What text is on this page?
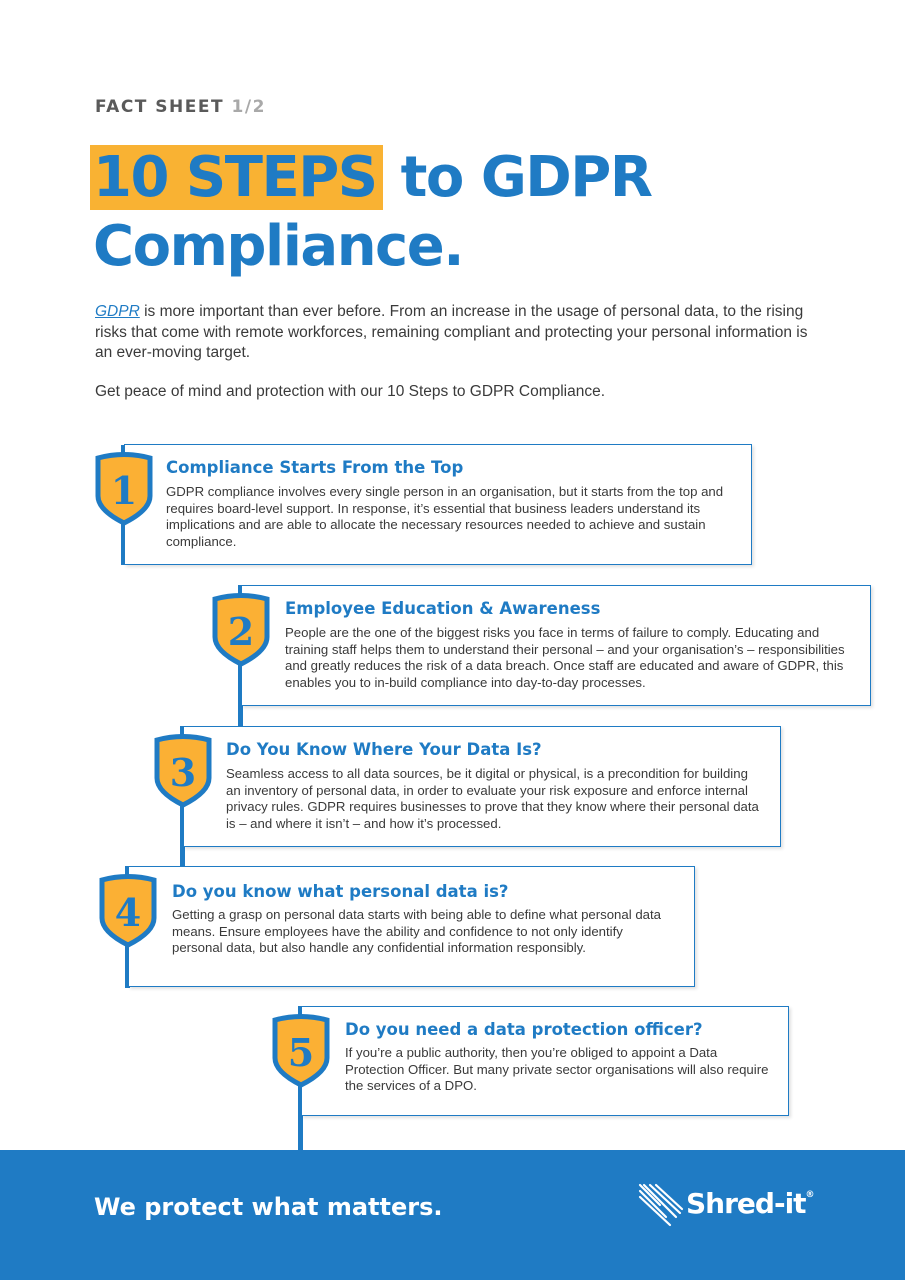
FACT SHEET 1/2
10 STEPS to GDPR
Compliance.

GDPR is more important than ever before. From an increase in the usage of personal data, to the rising risks that come with remote workforces, remaining compliant and protecting your personal information is an ever-moving target.

Get peace of mind and protection with our 10 Steps to GDPR Compliance.

1
Compliance Starts From the Top

GDPR compliance involves every single person in an organisation, but it starts from the top and requires board-level support. In response, it’s essential that business leaders understand its implications and are able to allocate the necessary resources needed to achieve and sustain compliance.

2
Employee Education & Awareness

People are the one of the biggest risks you face in terms of failure to comply. Educating and training staff helps them to understand their personal – and your organisation’s – responsibilities and greatly reduces the risk of a data breach. Once staff are educated and aware of GDPR, this enables you to in-build compliance into day-to-day processes.

3
Do You Know Where Your Data Is?

Seamless access to all data sources, be it digital or physical, is a precondition for building an inventory of personal data, in order to evaluate your risk exposure and enforce internal privacy rules. GDPR requires businesses to prove that they know where their personal data is – and where it isn’t – and how it’s processed.

4 Do you know what personal data is?

Getting a grasp on personal data starts with being able to define what personal data means. Ensure employees have the ability and confidence to not only identify personal data, but also handle any confidential information responsibly.

5
Do you need a data protection officer?

If you’re a public authority, then you’re obliged to appoint a Data Protection Officer. But many private sector organisations will also require the services of a DPO.

We protect what matters.	Shred-it®
